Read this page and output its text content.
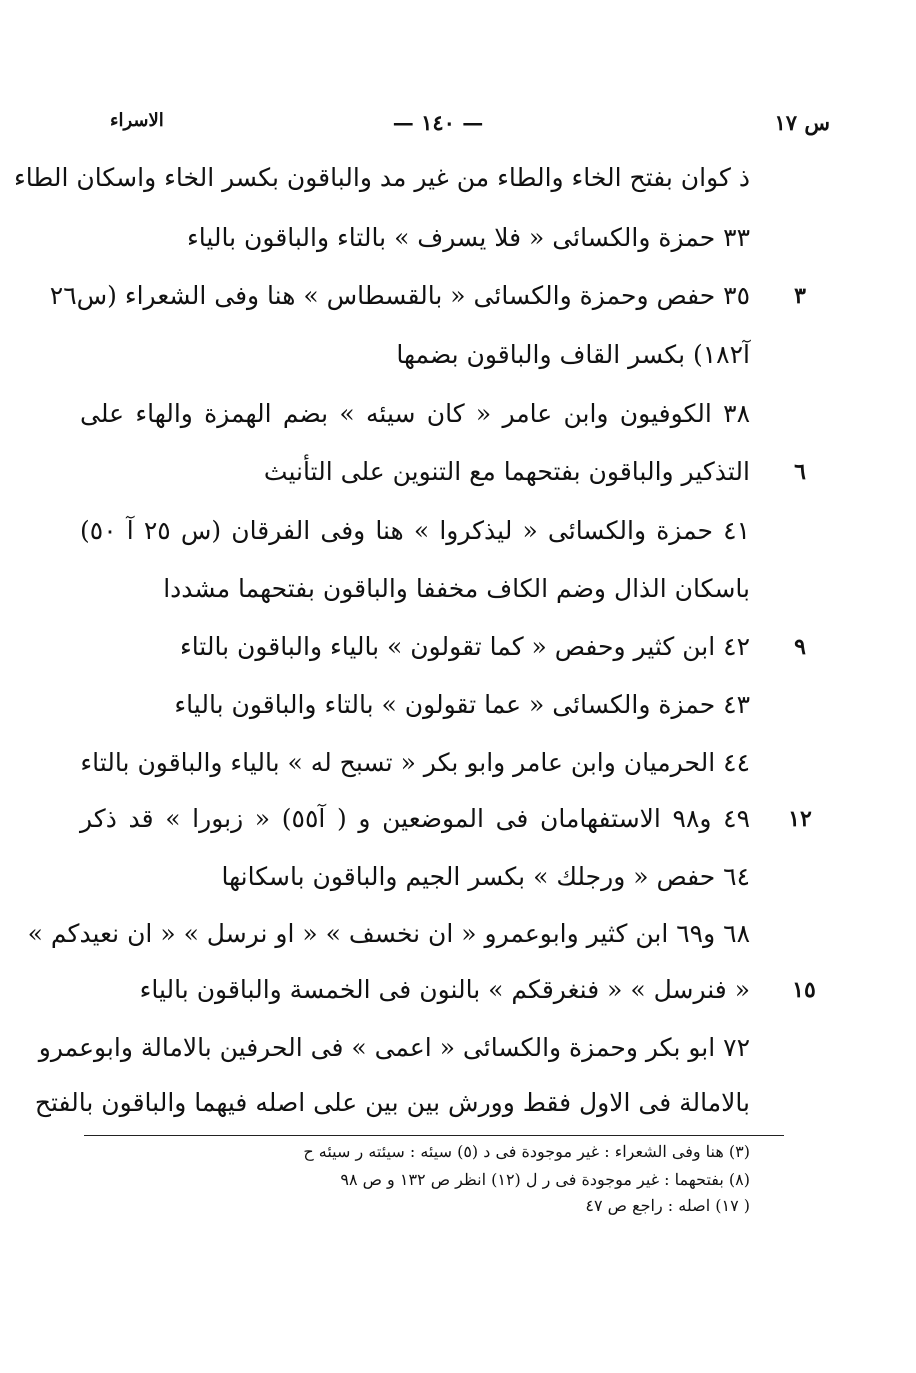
س ١٧
— ١٤٠ —
الاسراء
ذ كوان بفتح الخاء والطاء من غير مد والباقون بكسر الخاء واسكان الطاء
٣٣ حمزة والكسائى « فلا يسرف » بالتاء والباقون بالياء
٣
٣٥ حفص وحمزة والكسائى « بالقسطاس » هنا وفى الشعراء (س٢٦
آ١٨٢) بكسر القاف والباقون بضمها
٣٨ الكوفيون وابن عامر « كان سيئه » بضم الهمزة والهاء على
٦
التذكير والباقون بفتحهما مع التنوين على التأنيث
٤١ حمزة والكسائى « ليذكروا » هنا وفى الفرقان (س ٢٥ آ ٥٠)
باسكان الذال وضم الكاف مخففا والباقون بفتحهما مشددا
٩
٤٢ ابن كثير وحفص « كما تقولون » بالياء والباقون بالتاء
٤٣ حمزة والكسائى « عما تقولون » بالتاء والباقون بالياء
٤٤ الحرميان وابن عامر وابو بكر « تسبح له » بالياء والباقون بالتاء
١٢
٤٩ و٩٨ الاستفهامان فى الموضعين و ( آ٥٥) « زبورا » قد ذكر
٦٤ حفص « ورجلك » بكسر الجيم والباقون باسكانها
٦٨ و٦٩ ابن كثير وابوعمرو « ان نخسف » « او نرسل » « ان نعيدكم »
١٥
« فنرسل » « فنغرقكم » بالنون فى الخمسة والباقون بالياء
٧٢ ابو بكر وحمزة والكسائى « اعمى » فى الحرفين بالامالة وابوعمرو
بالامالة فى الاول فقط وورش بين بين على اصله فيهما والباقون بالفتح
(٣) هنا وفى الشعراء : غير موجودة فى د (٥) سيئه : سيئته ر سيئه ح
(٨) بفتحهما : غير موجودة فى ر ل (١٢) انظر ص ١٣٢ و ص ٩٨
( ١٧) اصله : راجع ص ٤٧
